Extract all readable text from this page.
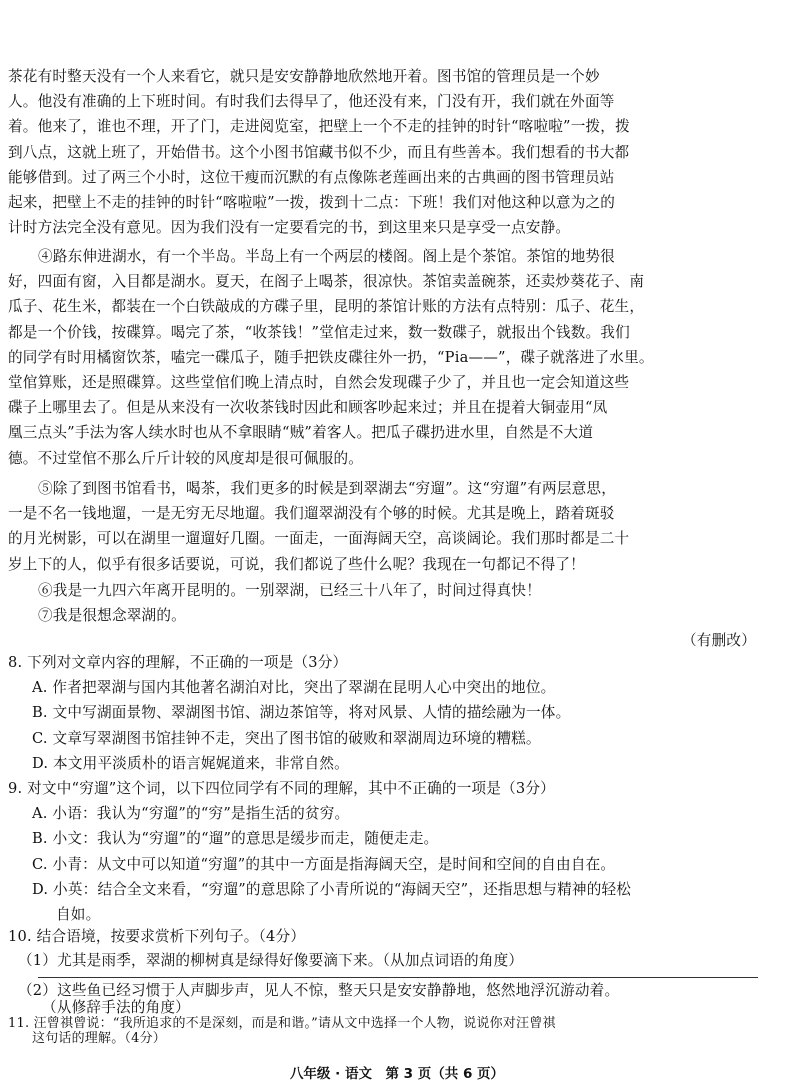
茶花有时整天没有一个人来看它，就只是安安静静地欣然地开着。图书馆的管理员是一个妙
人。他没有准确的上下班时间。有时我们去得早了，他还没有来，门没有开，我们就在外面等
着。他来了，谁也不理，开了门，走进阅览室，把壁上一个不走的挂钟的时针“喀啦啦”一拨，拨
到八点，这就上班了，开始借书。这个小图书馆藏书似不少，而且有些善本。我们想看的书大都
能够借到。过了两三个小时，这位干瘦而沉默的有点像陈老莲画出来的古典画的图书管理员站
起来，把壁上不走的挂钟的时针“喀啦啦”一拨，拨到十二点：下班！我们对他这种以意为之的
计时方法完全没有意见。因为我们没有一定要看完的书，到这里来只是享受一点安静。
④路东伸进湖水，有一个半岛。半岛上有一个两层的楼阁。阁上是个茶馆。茶馆的地势很
好，四面有窗，入目都是湖水。夏天，在阁子上喝茶，很凉快。茶馆卖盖碗茶，还卖炒葵花子、南
瓜子、花生米，都装在一个白铁敲成的方碟子里，昆明的茶馆计账的方法有点特别：瓜子、花生，
都是一个价钱，按碟算。喝完了茶，“收茶钱！”堂倌走过来，数一数碟子，就报出个钱数。我们
的同学有时用橘窗饮茶，嗑完一碟瓜子，随手把铁皮碟往外一扔，“Pia——”，碟子就落进了水里。
堂倌算账，还是照碟算。这些堂倌们晚上清点时，自然会发现碟子少了，并且也一定会知道这些
碟子上哪里去了。但是从来没有一次收茶钱时因此和顾客吵起来过；并且在提着大铜壶用“凤
凰三点头”手法为客人续水时也从不拿眼睛“贼”着客人。把瓜子碟扔进水里，自然是不大道
德。不过堂倌不那么斤斤计较的风度却是很可佩服的。
⑤除了到图书馆看书，喝茶，我们更多的时候是到翠湖去“穷遛”。这“穷遛”有两层意思，
一是不名一钱地遛，一是无穷无尽地遛。我们遛翠湖没有个够的时候。尤其是晚上，踏着斑驳
的月光树影，可以在湖里一遛遛好几圈。一面走，一面海阔天空，高谈阔论。我们那时都是二十
岁上下的人，似乎有很多话要说，可说，我们都说了些什么呢？我现在一句都记不得了！
⑥我是一九四六年离开昆明的。一别翠湖，已经三十八年了，时间过得真快！
⑦我是很想念翠湖的。
（有删改）
8. 下列对文章内容的理解，不正确的一项是（3分）
A. 作者把翠湖与国内其他著名湖泊对比，突出了翠湖在昆明人心中突出的地位。
B. 文中写湖面景物、翠湖图书馆、湖边茶馆等，将对风景、人情的描绘融为一体。
C. 文章写翠湖图书馆挂钟不走，突出了图书馆的破败和翠湖周边环境的糟糕。
D. 本文用平淡质朴的语言娓娓道来，非常自然。
9. 对文中“穷遛”这个词，以下四位同学有不同的理解，其中不正确的一项是（3分）
A. 小语：我认为“穷遛”的“穷”是指生活的贫穷。
B. 小文：我认为“穷遛”的“遛”的意思是缓步而走，随便走走。
C. 小青：从文中可以知道“穷遛”的其中一方面是指海阔天空，是时间和空间的自由自在。
D. 小英：结合全文来看，“穷遛”的意思除了小青所说的“海阔天空”，还指思想与精神的轻松
自如。
10. 结合语境，按要求赏析下列句子。（4分）
（1）尤其是雨季，翠湖的柳树真是绿得好像要滴下来。（从加点词语的角度）
（2）这些鱼已经习惯于人声脚步声，见人不惊，整天只是安安静静地，悠然地浮沉游动着。
（从修辞手法的角度）
八年级 · 语文　第 3 页（共 6 页）
11. 汪曾祺曾说：“我所追求的不是深刻，而是和谐。”请从文中选择一个人物，说说你对汪曾祺
这句话的理解。（4分）
